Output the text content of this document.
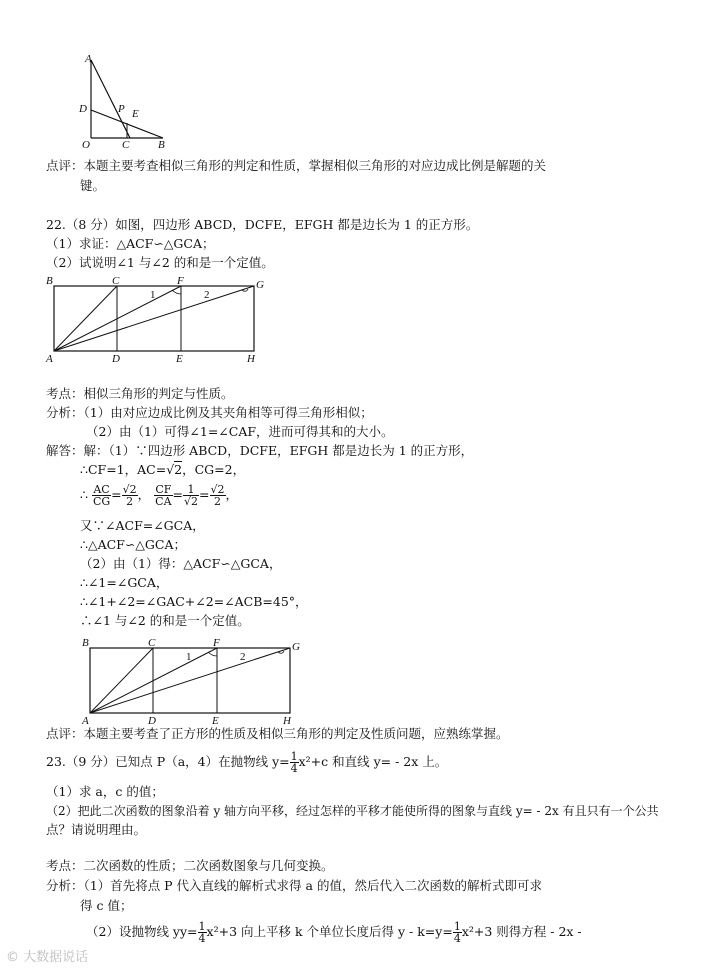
A
D	P E
O	C	B
点评：本题主要考查相似三角形的判定和性质，掌握相似三角形的对应边成比例是解题的关
键。
22.（8 分）如图，四边形 ABCD，DCFE，EFGH 都是边长为 1 的正方形。
（1）求证：△ACF∽△GCA；
（2）试说明∠1 与∠2 的和是一个定值。
B	C	F	G
A	D	E	H
1	2
考点：相似三角形的判定与性质。
分析：（1）由对应边成比例及其夹角相等可得三角形相似；
（2）由（1）可得∠1=∠CAF，进而可得其和的大小。
解答：解：（1）∵四边形 ABCD，DCFE，EFGH 都是边长为 1 的正方形，
∴CF=1，AC=√2，CG=2，
∴ $\frac{AC}{CG} = \frac{√2}{2}$ ， $\frac{CF}{CA} = \frac{1}{√2} = \frac{√2}{2}$ ，
又∵∠ACF=∠GCA，
∴△ACF∽△GCA；
（2）由（1）得：△ACF∽△GCA，
∴∠1=∠GCA，
∴∠1+∠2=∠GAC+∠2=∠ACB=45°，
∴∠1 与∠2 的和是一个定值。
B	C	F	G
A	D	E	H
1	2
点评：本题主要考查了正方形的性质及相似三角形的判定及性质问题，应熟练掌握。
23.（9 分）已知点 P（a，4）在抛物线 $y= \frac{1}{4} x^2+c$ 和直线 y= - 2x 上。
（1）求 a，c 的值；
（2）把此二次函数的图象沿着 y 轴方向平移，经过怎样的平移才能使所得的图象与直线 y= - 2x 有且只有一个公共
点？请说明理由。
考点：二次函数的性质；二次函数图象与几何变换。
分析：（1）首先将点 P 代入直线的解析式求得 a 的值，然后代入二次函数的解析式即可求
得 c 值；
（2）设抛物线 $yy= \frac{1}{4} x^2+3$ 向上平移 k 个单位长度后得 $y - k=y= \frac{1}{4} x^2+3$ 则得方程 - 2x -
© 大数据说话
